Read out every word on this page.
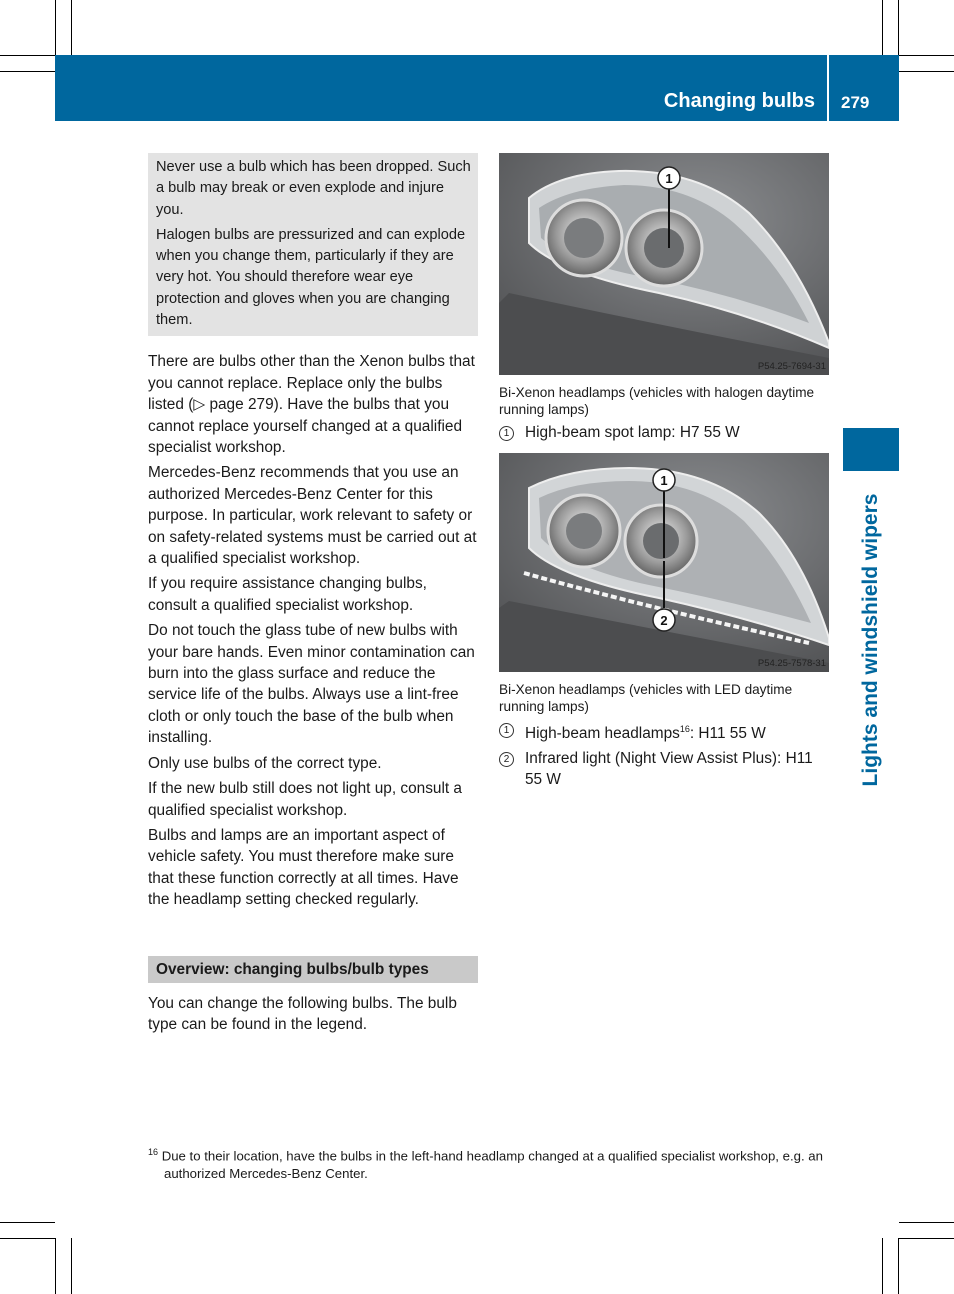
Changing bulbs 279
Lights and windshield wipers

Never use a bulb which has been dropped. Such a bulb may break or even explode and injure you.

Halogen bulbs are pressurized and can explode when you change them, particularly if they are very hot. You should therefore wear eye protection and gloves when you are changing them.

There are bulbs other than the Xenon bulbs that you cannot replace. Replace only the bulbs listed (▷ page 279). Have the bulbs that you cannot replace yourself changed at a qualified specialist workshop.

Mercedes-Benz recommends that you use an authorized Mercedes-Benz Center for this purpose. In particular, work relevant to safety or on safety-related systems must be carried out at a qualified specialist workshop.

If you require assistance changing bulbs, consult a qualified specialist workshop.

Do not touch the glass tube of new bulbs with your bare hands. Even minor contamination can burn into the glass surface and reduce the service life of the bulbs. Always use a lint-free cloth or only touch the base of the bulb when installing.

Only use bulbs of the correct type.

If the new bulb still does not light up, consult a qualified specialist workshop.

Bulbs and lamps are an important aspect of vehicle safety. You must therefore make sure that these function correctly at all times. Have the headlamp setting checked regularly.

Overview: changing bulbs/bulb types
You can change the following bulbs. The bulb type can be found in the legend.
1
P54.25-7694-31
Bi-Xenon headlamps (vehicles with halogen daytime running lamps)
1	High-beam spot lamp: H7 55 W
1
2
P54.25-7578-31
Bi-Xenon headlamps (vehicles with LED daytime running lamps)
1	High-beam headlamps$^{16}$: H11 55 W
2	Infrared light (Night View Assist Plus): H11 55 W
$^{16}$ Due to their location, have the bulbs in the left-hand headlamp changed at a qualified specialist workshop, e.g. an authorized Mercedes-Benz Center.
